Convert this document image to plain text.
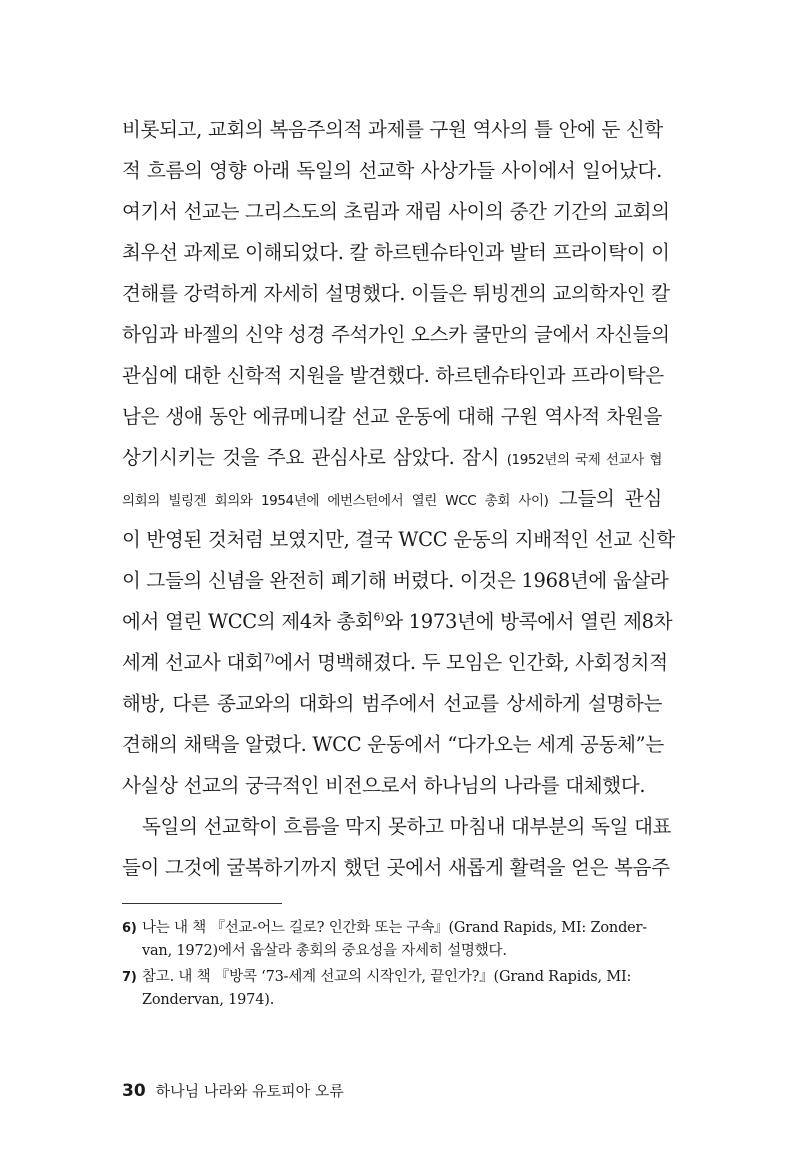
비롯되고, 교회의 복음주의적 과제를 구원 역사의 틀 안에 둔 신학
적 흐름의 영향 아래 독일의 선교학 사상가들 사이에서 일어났다.
여기서 선교는 그리스도의 초림과 재림 사이의 중간 기간의 교회의
최우선 과제로 이해되었다. 칼 하르텐슈타인과 발터 프라이탁이 이
견해를 강력하게 자세히 설명했다. 이들은 튀빙겐의 교의학자인 칼
하임과 바젤의 신약 성경 주석가인 오스카 쿨만의 글에서 자신들의
관심에 대한 신학적 지원을 발견했다. 하르텐슈타인과 프라이탁은
남은 생애 동안 에큐메니칼 선교 운동에 대해 구원 역사적 차원을
상기시키는 것을 주요 관심사로 삼았다. 잠시 (1952년의 국제 선교사 협
의회의 빌링겐 회의와 1954년에 에번스턴에서 열린 WCC 총회 사이) 그들의 관심
이 반영된 것처럼 보였지만, 결국 WCC 운동의 지배적인 선교 신학
이 그들의 신념을 완전히 폐기해 버렸다. 이것은 1968년에 웁살라
에서 열린 WCC의 제4차 총회$^{6)}$와 1973년에 방콕에서 열린 제8차
세계 선교사 대회$^{7)}$에서 명백해졌다. 두 모임은 인간화, 사회정치적
해방, 다른 종교와의 대화의 범주에서 선교를 상세하게 설명하는
견해의 채택을 알렸다. WCC 운동에서 “다가오는 세계 공동체”는
사실상 선교의 궁극적인 비전으로서 하나님의 나라를 대체했다.
독일의 선교학이 흐름을 막지 못하고 마침내 대부분의 독일 대표
들이 그것에 굴복하기까지 했던 곳에서 새롭게 활력을 얻은 복음주
6) 나는 내 책 『선교-어느 길로? 인간화 또는 구속』(Grand Rapids, MI: Zonder-
van, 1972)에서 웁살라 총회의 중요성을 자세히 설명했다.
7) 참고. 내 책 『방콕 ‘73-세계 선교의 시작인가, 끝인가?』(Grand Rapids, MI:
Zondervan, 1974).
30 하나님 나라와 유토피아 오류
